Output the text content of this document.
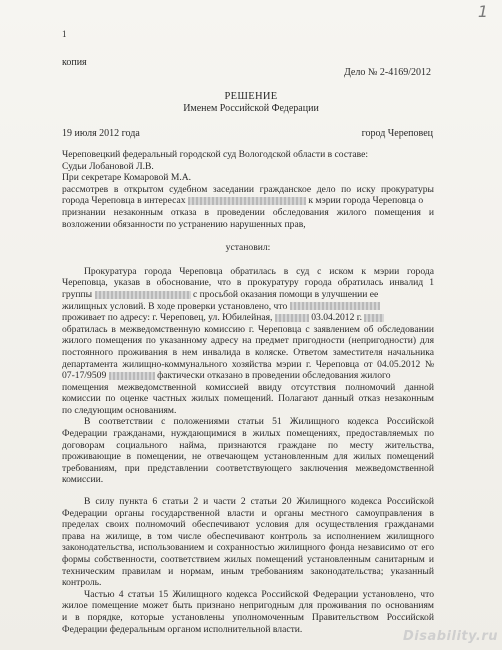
1
1
копия
Дело № 2-4169/2012
РЕШЕНИЕ
Именем Российской Федерации
19 июля 2012 года	город Череповец
Череповецкий федеральный городской суд Вологодской области в составе:
Судьи Лобановой Л.В.
При секретаре Комаровой М.А.
рассмотрев в открытом судебном заседании гражданское дело по иску прокуратуры
города Череповца в интересах	к мэрии города Череповца о
признании незаконным отказа в проведении обследования жилого помещения и
возложении обязанности по устранению нарушенных прав,
установил:
Прокуратура города Череповца обратилась в суд с иском к мэрии города
Череповца, указав в обоснование, что в прокуратуру города обратилась инвалид 1
группы	с просьбой оказания помощи в улучшении ее
жилищных условий. В ходе проверки установлено, что
проживает по адресу: г. Череповец, ул. Юбилейная,	03.04.2012 г.
обратилась в межведомственную комиссию г. Череповца с заявлением об обследовании
жилого помещения по указанному адресу на предмет пригодности (непригодности) для
постоянного проживания в нем инвалида в коляске. Ответом заместителя начальника
департамента жилищно-коммунального хозяйства мэрии г. Череповца от 04.05.2012 №
07-17/9509	фактически отказано в проведении обследования жилого
помещения межведомственной комиссией ввиду отсутствия полномочий данной
комиссии по оценке частных жилых помещений. Полагают данный отказ незаконным
по следующим основаниям.
В соответствии с положениями статьи 51 Жилищного кодекса Российской
Федерации гражданами, нуждающимися в жилых помещениях, предоставляемых по
договорам социального найма, признаются граждане по месту жительства,
проживающие в помещении, не отвечающем установленным для жилых помещений
требованиям, при представлении соответствующего заключения межведомственной
комиссии.
В силу пункта 6 статьи 2 и части 2 статьи 20 Жилищного кодекса Российской
Федерации органы государственной власти и органы местного самоуправления в
пределах своих полномочий обеспечивают условия для осуществления гражданами
права на жилище, в том числе обеспечивают контроль за исполнением жилищного
законодательства, использованием и сохранностью жилищного фонда независимо от его
формы собственности, соответствием жилых помещений установленным санитарным и
техническим правилам и нормам, иным требованиям законодательства; указанный
контроль.
Частью 4 статьи 15 Жилищного кодекса Российской Федерации установлено, что
жилое помещение может быть признано непригодным для проживания по основаниям
и в порядке, которые установлены уполномоченным Правительством Российской
Федерации федеральным органом исполнительной власти.	Disability.ru
